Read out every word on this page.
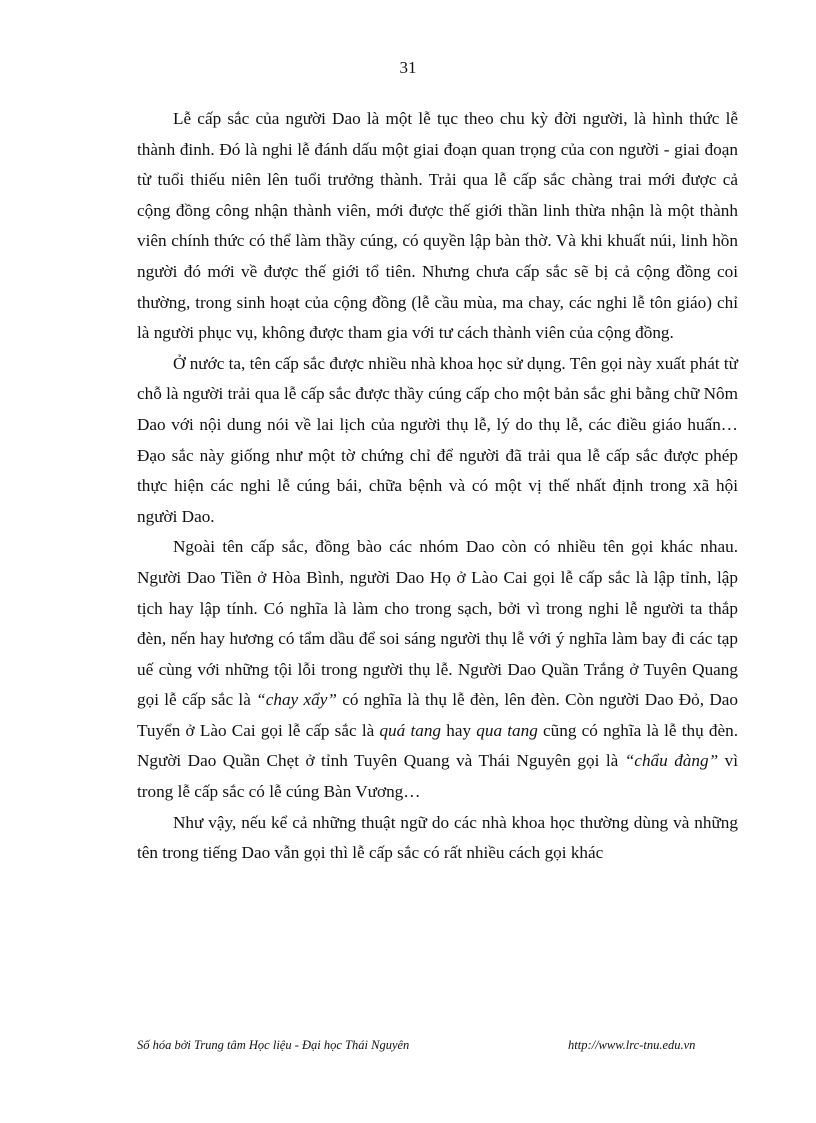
31

Lễ cấp sắc của người Dao là một lễ tục theo chu kỳ đời người, là hình thức lễ thành đinh. Đó là nghi lễ đánh dấu một giai đoạn quan trọng của con người - giai đoạn từ tuổi thiếu niên lên tuổi trưởng thành. Trải qua lễ cấp sắc chàng trai mới được cả cộng đồng công nhận thành viên, mới được thế giới thần linh thừa nhận là một thành viên chính thức có thể làm thầy cúng, có quyền lập bàn thờ. Và khi khuất núi, linh hồn người đó mới về được thế giới tổ tiên. Nhưng chưa cấp sắc sẽ bị cả cộng đồng coi thường, trong sinh hoạt của cộng đồng (lễ cầu mùa, ma chay, các nghi lễ tôn giáo) chỉ là người phục vụ, không được tham gia với tư cách thành viên của cộng đồng.

Ở nước ta, tên cấp sắc được nhiều nhà khoa học sử dụng. Tên gọi này xuất phát từ chỗ là người trải qua lễ cấp sắc được thầy cúng cấp cho một bản sắc ghi bằng chữ Nôm Dao với nội dung nói về lai lịch của người thụ lễ, lý do thụ lễ, các điều giáo huấn… Đạo sắc này giống như một tờ chứng chỉ để người đã trải qua lễ cấp sắc được phép thực hiện các nghi lễ cúng bái, chữa bệnh và có một vị thế nhất định trong xã hội người Dao.

Ngoài tên cấp sắc, đồng bào các nhóm Dao còn có nhiều tên gọi khác nhau. Người Dao Tiền ở Hòa Bình, người Dao Họ ở Lào Cai gọi lễ cấp sắc là lập tỉnh, lập tịch hay lập tính. Có nghĩa là làm cho trong sạch, bởi vì trong nghi lễ người ta thắp đèn, nến hay hương có tẩm dầu để soi sáng người thụ lễ với ý nghĩa làm bay đi các tạp uế cùng với những tội lỗi trong người thụ lễ. Người Dao Quần Trắng ở Tuyên Quang gọi lễ cấp sắc là “chay xẩy” có nghĩa là thụ lễ đèn, lên đèn. Còn người Dao Đỏ, Dao Tuyển ở Lào Cai gọi lễ cấp sắc là quá tang hay qua tang cũng có nghĩa là lễ thụ đèn. Người Dao Quần Chẹt ở tỉnh Tuyên Quang và Thái Nguyên gọi là “chẩu đàng” vì trong lễ cấp sắc có lễ cúng Bàn Vương…

Như vậy, nếu kể cả những thuật ngữ do các nhà khoa học thường dùng và những tên trong tiếng Dao vẫn gọi thì lễ cấp sắc có rất nhiều cách gọi khác

Số hóa bởi Trung tâm Học liệu - Đại học Thái Nguyên	http://www.lrc-tnu.edu.vn
